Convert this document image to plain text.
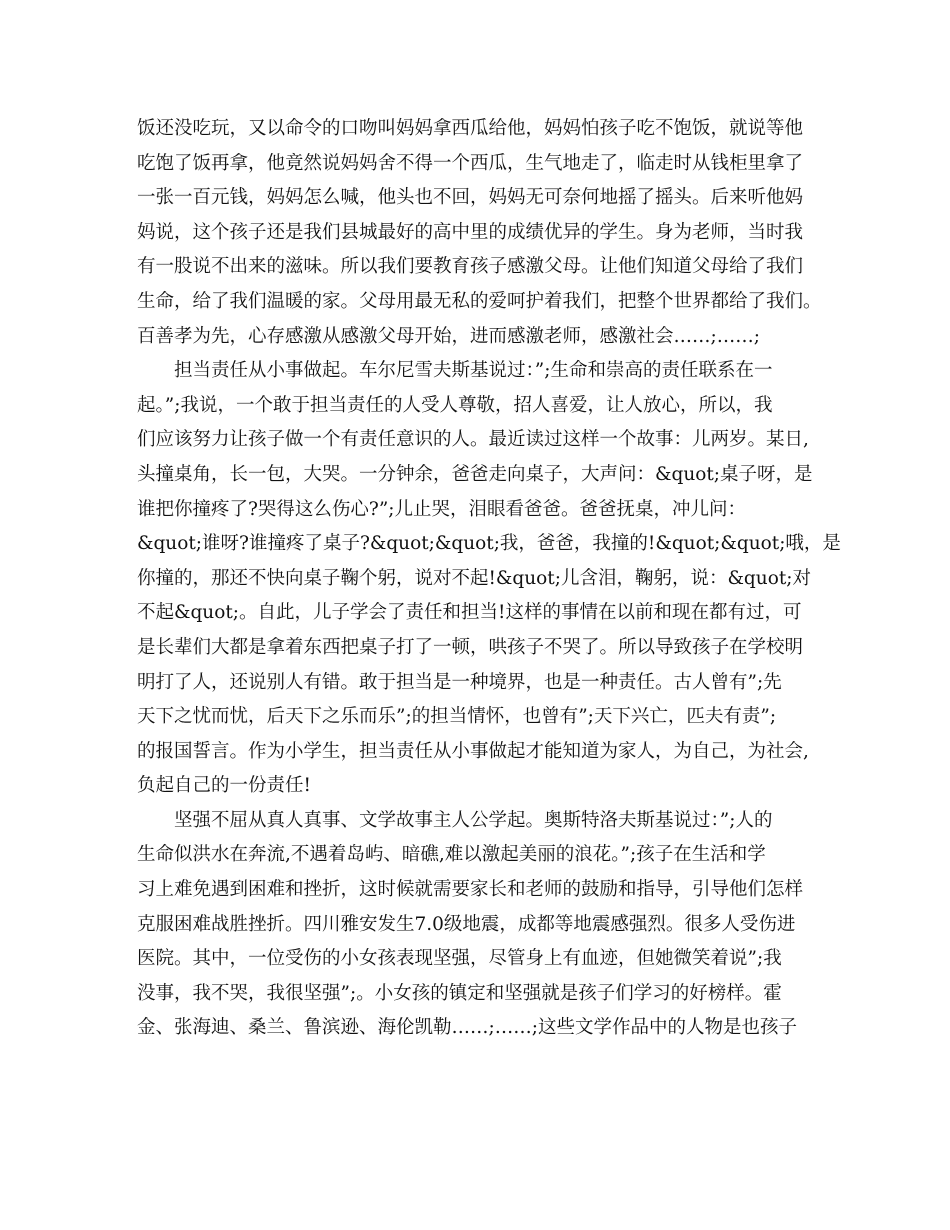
饭还没吃玩，又以命令的口吻叫妈妈拿西瓜给他，妈妈怕孩子吃不饱饭，就说等他
吃饱了饭再拿，他竟然说妈妈舍不得一个西瓜，生气地走了，临走时从钱柜里拿了
一张一百元钱，妈妈怎么喊，他头也不回，妈妈无可奈何地摇了摇头。后来听他妈
妈说，这个孩子还是我们县城最好的高中里的成绩优异的学生。身为老师，当时我
有一股说不出来的滋味。所以我们要教育孩子感激父母。让他们知道父母给了我们
生命，给了我们温暖的家。父母用最无私的爱呵护着我们，把整个世界都给了我们。
百善孝为先，心存感激从感激父母开始，进而感激老师，感激社会……;……;
　　担当责任从小事做起。车尔尼雪夫斯基说过：”;生命和崇高的责任联系在一
起。”;我说，一个敢于担当责任的人受人尊敬，招人喜爱，让人放心，所以，我
们应该努力让孩子做一个有责任意识的人。最近读过这样一个故事：儿两岁。某日,
头撞桌角，长一包，大哭。一分钟余，爸爸走向桌子，大声问：&quot;桌子呀，是
谁把你撞疼了?哭得这么伤心?”;儿止哭，泪眼看爸爸。爸爸抚桌，冲儿问：
&quot;谁呀?谁撞疼了桌子?&quot;&quot;我，爸爸，我撞的!&quot;&quot;哦，是
你撞的，那还不快向桌子鞠个躬，说对不起!&quot;儿含泪，鞠躬，说：&quot;对
不起&quot;。自此，儿子学会了责任和担当!这样的事情在以前和现在都有过，可
是长辈们大都是拿着东西把桌子打了一顿，哄孩子不哭了。所以导致孩子在学校明
明打了人，还说别人有错。敢于担当是一种境界，也是一种责任。古人曾有”;先
天下之忧而忧，后天下之乐而乐”;的担当情怀，也曾有”;天下兴亡，匹夫有责”;
的报国誓言。作为小学生，担当责任从小事做起才能知道为家人，为自己，为社会,
负起自己的一份责任!
　　坚强不屈从真人真事、文学故事主人公学起。奥斯特洛夫斯基说过：”;人的
生命似洪水在奔流,不遇着岛屿、暗礁,难以激起美丽的浪花。”;孩子在生活和学
习上难免遇到困难和挫折，这时候就需要家长和老师的鼓励和指导，引导他们怎样
克服困难战胜挫折。四川雅安发生7.0级地震，成都等地震感强烈。很多人受伤进
医院。其中，一位受伤的小女孩表现坚强，尽管身上有血迹，但她微笑着说”;我
没事，我不哭，我很坚强”;。小女孩的镇定和坚强就是孩子们学习的好榜样。霍
金、张海迪、桑兰、鲁滨逊、海伦凯勒……;……;这些文学作品中的人物是也孩子
